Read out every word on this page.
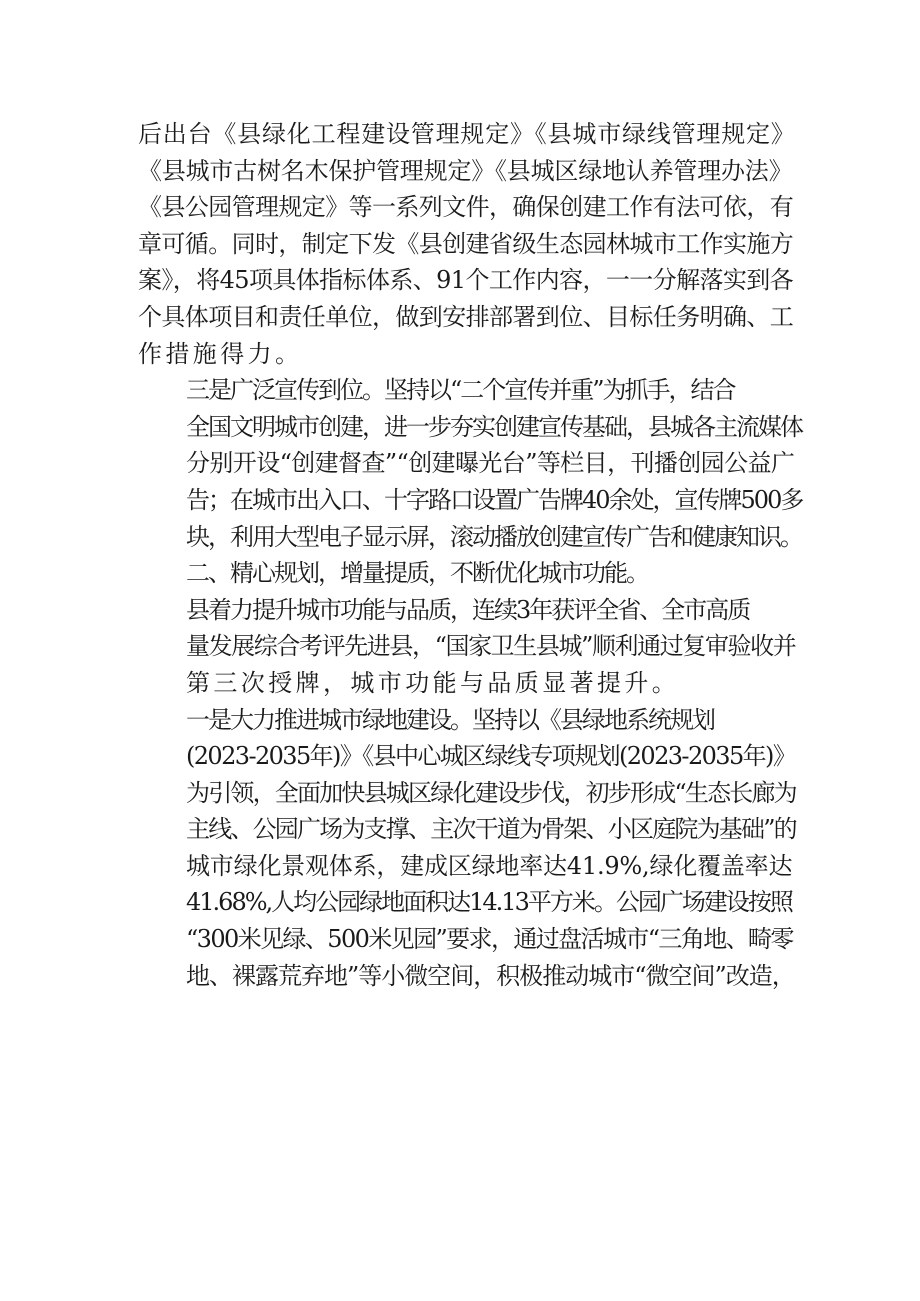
后出台《县绿化工程建设管理规定》《县城市绿线管理规定》
《县城市古树名木保护管理规定》《县城区绿地认养管理办法》
《县公园管理规定》等一系列文件，确保创建工作有法可依，有
章可循。同时，制定下发《县创建省级生态园林城市工作实施方
案》，将45项具体指标体系、91个工作内容，一一分解落实到各
个具体项目和责任单位，做到安排部署到位、目标任务明确、工
作措施得力。

三是广泛宣传到位。坚持以“二个宣传并重”为抓手，结合
全国文明城市创建，进一步夯实创建宣传基础，县城各主流媒体
分别开设“创建督查”“创建曝光台”等栏目，刊播创园公益广
告；在城市出入口、十字路口设置广告牌40余处，宣传牌500多
块，利用大型电子显示屏，滚动播放创建宣传广告和健康知识。

二、精心规划，增量提质，不断优化城市功能。

县着力提升城市功能与品质，连续3年获评全省、全市高质
量发展综合考评先进县，“国家卫生县城”顺利通过复审验收并
第三次授牌，城市功能与品质显著提升。

一是大力推进城市绿地建设。坚持以《县绿地系统规划
(2023-2035年)》《县中心城区绿线专项规划(2023-2035年)》
为引领，全面加快县城区绿化建设步伐，初步形成“生态长廊为
主线、公园广场为支撑、主次干道为骨架、小区庭院为基础”的
城市绿化景观体系，建成区绿地率达41.9%,绿化覆盖率达
41.68%,人均公园绿地面积达14.13平方米。公园广场建设按照
“300米见绿、500米见园”要求，通过盘活城市“三角地、畸零
地、裸露荒弃地”等小微空间，积极推动城市“微空间”改造，
